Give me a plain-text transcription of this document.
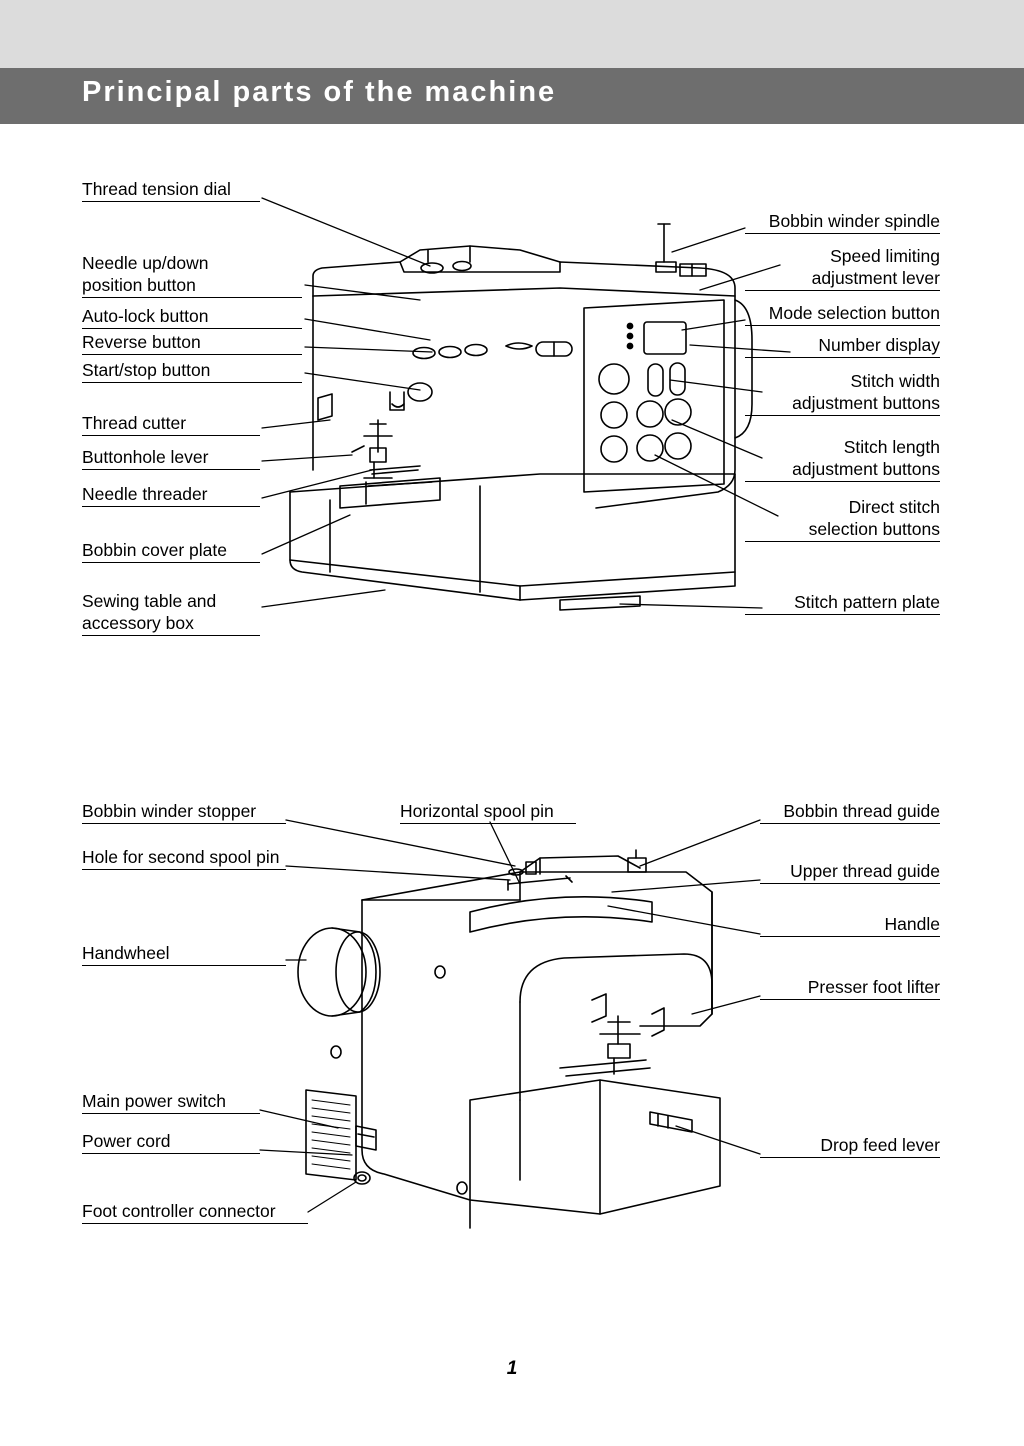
Principal parts of the machine
Thread tension dial
Needle up/down
position button
Auto-lock button
Reverse button
Start/stop button
Thread cutter
Buttonhole lever
Needle threader
Bobbin cover plate
Sewing table and
accessory box
Bobbin winder spindle
Speed limiting
adjustment lever
Mode selection button
Number display
Stitch width
adjustment buttons
Stitch length
adjustment buttons
Direct stitch
selection buttons
Stitch pattern plate
Bobbin winder stopper
Hole for second spool pin
Handwheel
Main power switch
Power cord
Foot controller connector
Horizontal spool pin	Bobbin thread guide
Upper thread guide
Handle
Presser foot lifter
Drop feed lever
1
